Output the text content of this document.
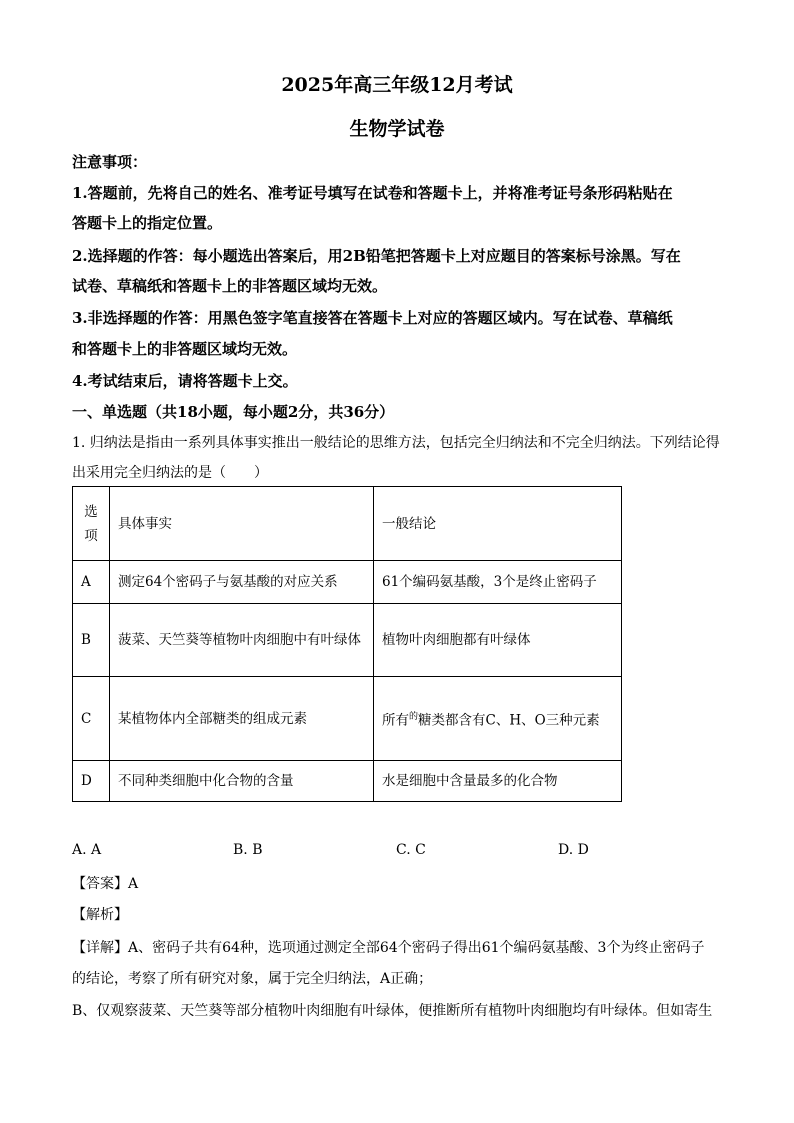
2025年高三年级12月考试
生物学试卷
注意事项：
1.答题前，先将自己的姓名、准考证号填写在试卷和答题卡上，并将准考证号条形码粘贴在
答题卡上的指定位置。
2.选择题的作答：每小题选出答案后，用2B铅笔把答题卡上对应题目的答案标号涂黑。写在
试卷、草稿纸和答题卡上的非答题区域均无效。
3.非选择题的作答：用黑色签字笔直接答在答题卡上对应的答题区域内。写在试卷、草稿纸
和答题卡上的非答题区域均无效。
4.考试结束后，请将答题卡上交。
一、单选题（共18小题，每小题2分，共36分）
1. 归纳法是指由一系列具体事实推出一般结论的思维方法，包括完全归纳法和不完全归纳法。下列结论得
出采用完全归纳法的是（　　）
选
项	具体事实	一般结论
A	测定64个密码子与氨基酸的对应关系	61个编码氨基酸，3个是终止密码子
B	菠菜、天竺葵等植物叶肉细胞中有叶绿体	植物叶肉细胞都有叶绿体
C	某植物体内全部糖类的组成元素	所有$^的$糖类都含有C、H、O三种元素
D	不同种类细胞中化合物的含量	水是细胞中含量最多的化合物
A. A	B. B	C. C	D. D
【答案】A
【解析】
【详解】A、密码子共有64种，选项通过测定全部64个密码子得出61个编码氨基酸、3个为终止密码子
的结论，考察了所有研究对象，属于完全归纳法，A正确；
B、仅观察菠菜、天竺葵等部分植物叶肉细胞有叶绿体，便推断所有植物叶肉细胞均有叶绿体。但如寄生
